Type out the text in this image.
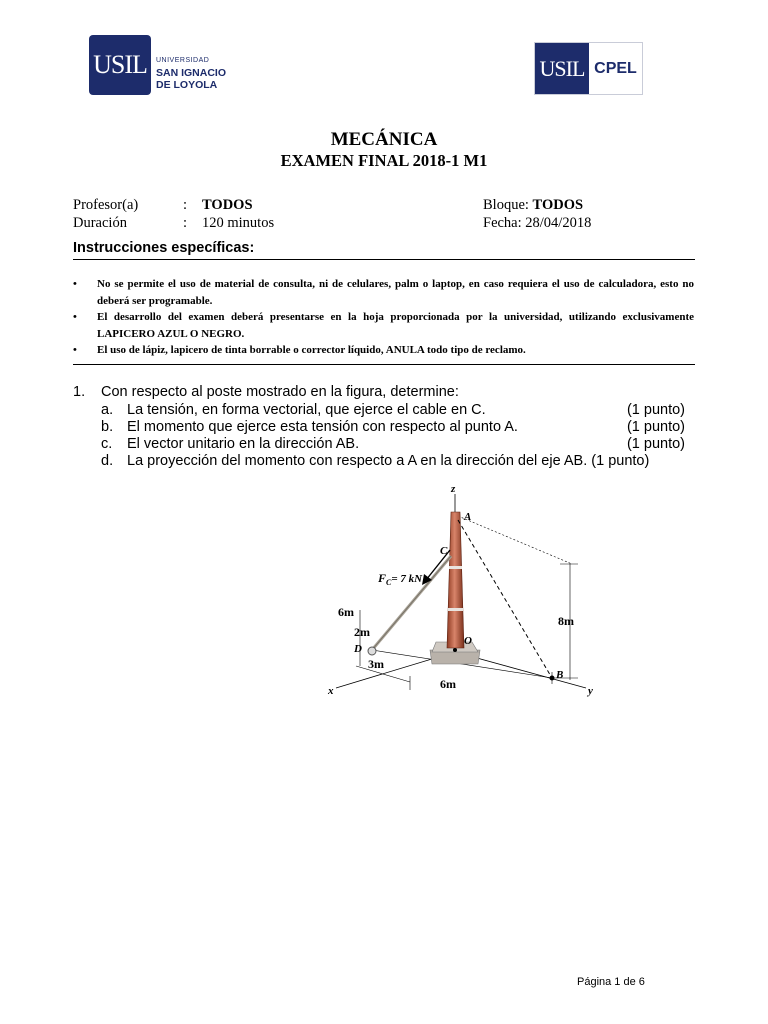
USIL UNIVERSIDAD
SAN IGNACIO
DE LOYOLA
USIL CPEL
MECÁNICA
EXAMEN FINAL 2018-1 M1
Profesor(a)	: TODOS
Duración	: 120 minutos
Bloque: TODOS
Fecha: 28/04/2018
Instrucciones específicas:
• No se permite el uso de material de consulta, ni de celulares, palm o laptop, en caso requiera el uso de calculadora, esto no deberá ser programable.
• El desarrollo del examen deberá presentarse en la hoja proporcionada por la universidad, utilizando exclusivamente LAPICERO AZUL O NEGRO.
• El uso de lápiz, lapicero de tinta borrable o corrector líquido, ANULA todo tipo de reclamo.
1. Con respecto al poste mostrado en la figura, determine:
a. La tensión, en forma vectorial, que ejerce el cable en C.	(1 punto)
b. El momento que ejerce esta tensión con respecto al punto A.	(1 punto)
c. El vector unitario en la dirección AB.	(1 punto)
d. La proyección del momento con respecto a A en la dirección del eje AB. (1 punto)
z
x	y
A
B
C
D
O
$F_C= 7$ kN
6m
2m
3m
6m
8m
Página 1 de 6
